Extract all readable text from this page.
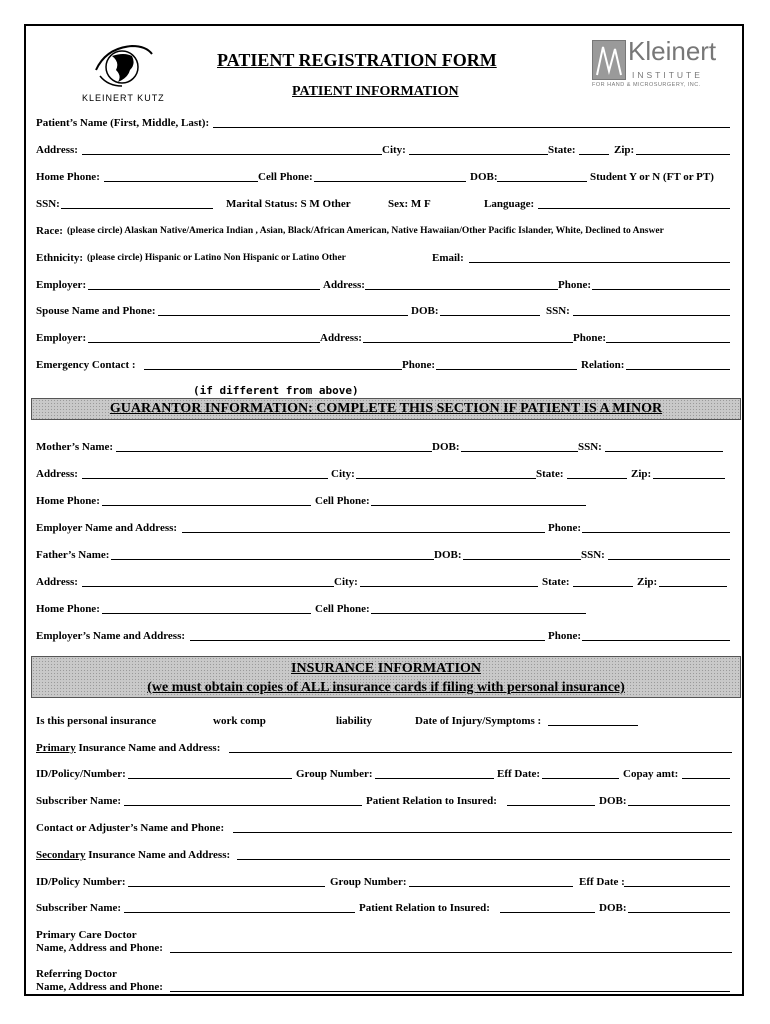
KLEINERT KUTZ
PATIENT REGISTRATION FORM
PATIENT INFORMATION
Kleinert
INSTITUTE
FOR HAND & MICROSURGERY, INC.
Patient’s Name (First, Middle, Last):
Address:	City:	State:	Zip:
Home Phone:	Cell Phone:	DOB:	Student Y or N (FT or PT)
SSN:	Marital Status: S M Other	Sex: M F	Language:
Race: (please circle) Alaskan Native/America Indian , Asian, Black/African American, Native Hawaiian/Other Pacific Islander, White, Declined to Answer
Ethnicity: (please circle) Hispanic or Latino Non Hispanic or Latino Other	Email:
Employer:	Address:	Phone:
Spouse Name and Phone:	DOB:	SSN:
Employer:	Address:	Phone:
Emergency Contact :	Phone:	Relation:
(if different from above)
GUARANTOR INFORMATION: COMPLETE THIS SECTION IF PATIENT IS A MINOR
Mother’s Name:	DOB:	SSN:
Address:	City:	State:	Zip:
Home Phone:	Cell Phone:
Employer Name and Address:	Phone:
Father’s Name:	DOB:	SSN:
Address:	City:	State:	Zip:
Home Phone:	Cell Phone:
Employer’s Name and Address:	Phone:
INSURANCE INFORMATION
(we must obtain copies of ALL insurance cards if filing with personal insurance)
Is this personal insurance	work comp	liability	Date of Injury/Symptoms :
Primary Insurance Name and Address:
ID/Policy/Number:	Group Number:	Eff Date:	Copay amt:
Subscriber Name:	Patient Relation to Insured:	DOB:
Contact or Adjuster’s Name and Phone:
Secondary Insurance Name and Address:
ID/Policy Number:	Group Number:	Eff Date :
Subscriber Name:	Patient Relation to Insured:	DOB:
Primary Care Doctor
Name, Address and Phone:
Referring Doctor
Name, Address and Phone:
